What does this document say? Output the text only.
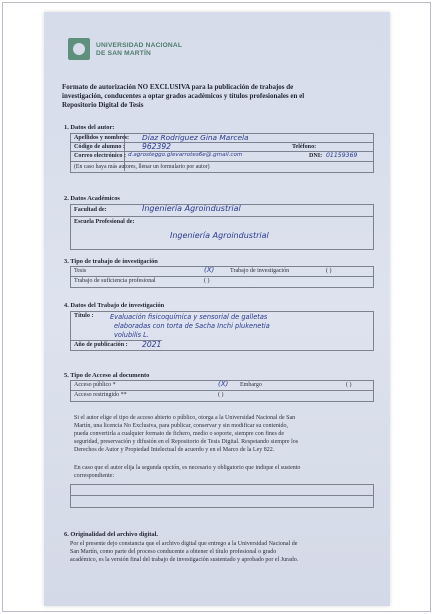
UNIVERSIDAD NACIONAL
DE SAN MARTÍN
Formato de autorización NO EXCLUSIVA para la publicación de trabajos de
investigación, conducentes a optar grados académicos y títulos profesionales en el
Repositorio Digital de Tesis
1. Datos del autor:
Apellidos y nombres: Díaz Rodríguez Gina Marcela
Código de alumno : 962392	Teléfono:
Correo electrónico : d.agrosteggo.glevarrotes6e@.gmail.com	DNI: 01159369
(En caso haya más autores, llenar un formulario por autor)
2. Datos Académicos
Facultad de:	Ingeniería Agroindustrial
Escuela Profesional de:
Ingeniería Agroindustrial
3. Tipo de trabajo de investigación
Tesis	(X)	Trabajo de investigación	( )
Trabajo de suficiencia profesional	( )
4. Datos del Trabajo de investigación
Título :	Evaluación fisicoquímica y sensorial de galletas
elaboradas con torta de Sacha Inchi plukenetia
volubilis L.
Año de publicación : 2021
5. Tipo de Acceso al documento
Acceso público *	(X) Embargo	( )
Acceso restringido **	( )
Si el autor elige el tipo de acceso abierto o público, otorga a la Universidad Nacional de San
Martín, una licencia No Exclusiva, para publicar, conservar y sin modificar su contenido,
pueda convertirla a cualquier formato de fichero, medio o soporte, siempre con fines de
seguridad, preservación y difusión en el Repositorio de Tesis Digital. Respetando siempre los
Derechos de Autor y Propiedad Intelectual de acuerdo y en el Marco de la Ley 822.
En caso que el autor elija la segunda opción, es necesario y obligatorio que indique el sustento
correspondiente:
6. Originalidad del archivo digital.
Por el presente dejo constancia que el archivo digital que entrego a la Universidad Nacional de
San Martín, como parte del proceso conducente a obtener el título profesional o grado
académico, es la versión final del trabajo de investigación sustentado y aprobado por el Jurado.
